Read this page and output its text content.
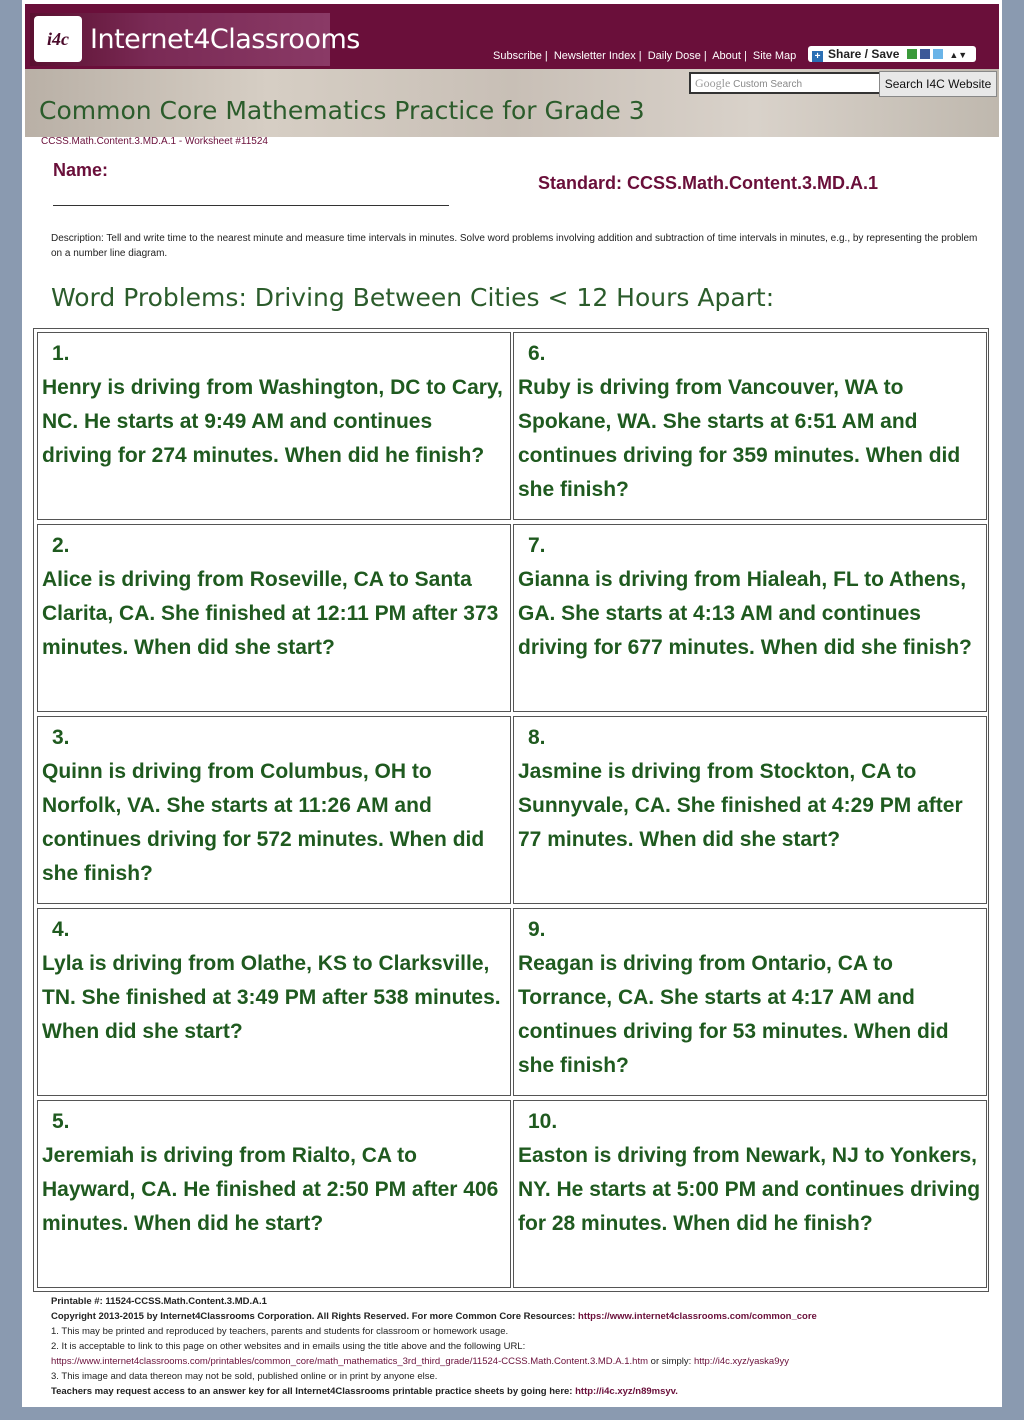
i4c Internet4Classrooms
Subscribe | Newsletter Index | Daily Dose | About | Site Map	+ Share / Save	▲▼
Common Core Mathematics Practice for Grade 3
Google Custom Search	Search I4C Website
CCSS.Math.Content.3.MD.A.1 - Worksheet #11524
Name:
Standard: CCSS.Math.Content.3.MD.A.1
Description: Tell and write time to the nearest minute and measure time intervals in minutes. Solve word problems involving addition and subtraction of time intervals in minutes, e.g., by representing the problem on a number line diagram.
Word Problems: Driving Between Cities < 12 Hours Apart:
1.
Henry is driving from Washington, DC to Cary, NC. He starts at 9:49 AM and continues driving for 274 minutes. When did he finish?
2.
Alice is driving from Roseville, CA to Santa Clarita, CA. She finished at 12:11 PM after 373 minutes. When did she start?
3.
Quinn is driving from Columbus, OH to Norfolk, VA. She starts at 11:26 AM and continues driving for 572 minutes. When did she finish?
4.
Lyla is driving from Olathe, KS to Clarksville, TN. She finished at 3:49 PM after 538 minutes. When did she start?
5.
Jeremiah is driving from Rialto, CA to Hayward, CA. He finished at 2:50 PM after 406 minutes. When did he start?
6.
Ruby is driving from Vancouver, WA to Spokane, WA. She starts at 6:51 AM and continues driving for 359 minutes. When did she finish?
7.
Gianna is driving from Hialeah, FL to Athens, GA. She starts at 4:13 AM and continues driving for 677 minutes. When did she finish?
8.
Jasmine is driving from Stockton, CA to Sunnyvale, CA. She finished at 4:29 PM after 77 minutes. When did she start?
9.
Reagan is driving from Ontario, CA to Torrance, CA. She starts at 4:17 AM and continues driving for 53 minutes. When did she finish?
10.
Easton is driving from Newark, NJ to Yonkers, NY. He starts at 5:00 PM and continues driving for 28 minutes. When did he finish?
Printable #: 11524-CCSS.Math.Content.3.MD.A.1
Copyright 2013-2015 by Internet4Classrooms Corporation. All Rights Reserved. For more Common Core Resources: https://www.internet4classrooms.com/common_core
1. This may be printed and reproduced by teachers, parents and students for classroom or homework usage.
2. It is acceptable to link to this page on other websites and in emails using the title above and the following URL:
https://www.internet4classrooms.com/printables/common_core/math_mathematics_3rd_third_grade/11524-CCSS.Math.Content.3.MD.A.1.htm or simply: http://i4c.xyz/yaska9yy
3. This image and data thereon may not be sold, published online or in print by anyone else.
Teachers may request access to an answer key for all Internet4Classrooms printable practice sheets by going here: http://i4c.xyz/n89msyv.
